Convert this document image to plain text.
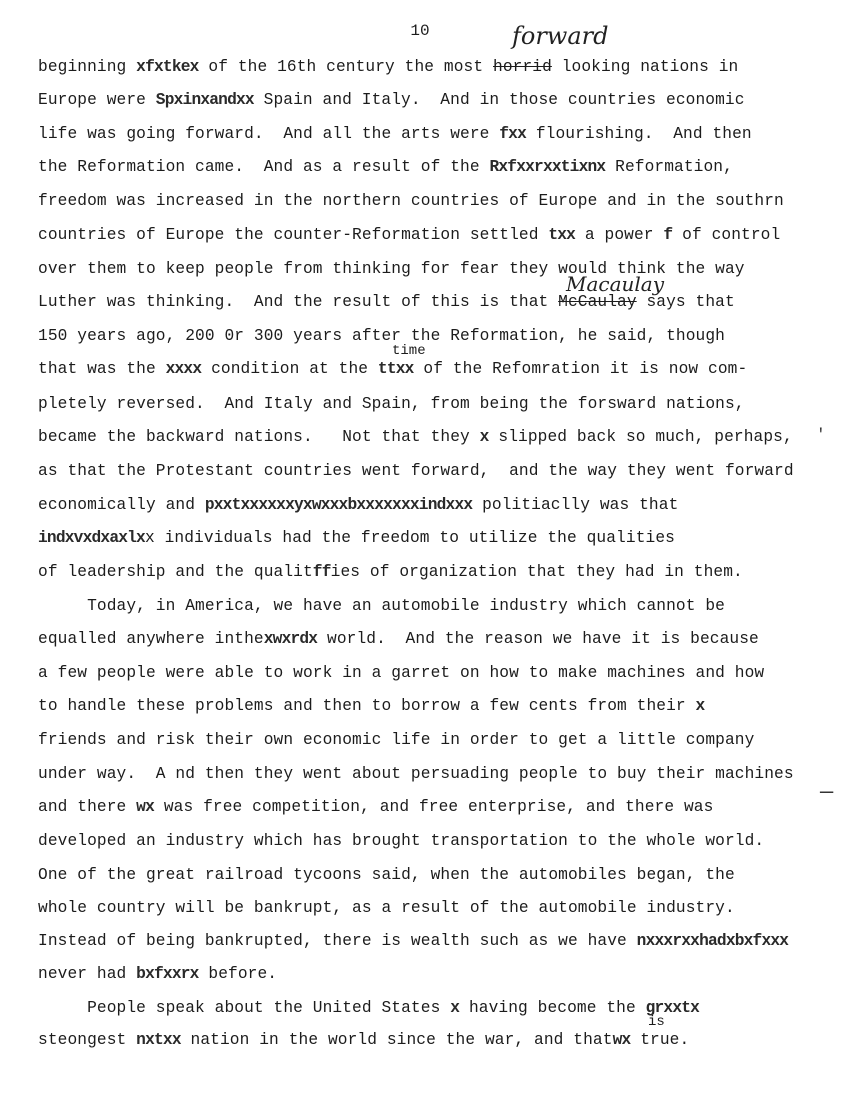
10	forward
Macaulay
time
is
'
—
beginning xfxtkex of the 16th century the most horrid looking nations in
Europe were Spxinxandxx Spain and Italy.  And in those countries economic
life was going forward.  And all the arts were fxx flourishing.  And then
the Reformation came.  And as a result of the Rxfxxrxxtixnx Reformation,
freedom was increased in the northern countries of Europe and in the southrn
countries of Europe the counter-Reformation settled txx a power f of control
over them to keep people from thinking for fear they would think the way
Luther was thinking.  And the result of this is that McCaulay says that
150 years ago, 200 0r 300 years after the Reformation, he said, though
that was the xxxx condition at the ttxx of the Refomration it is now com-
pletely reversed.  And Italy and Spain, from being the forsward nations,
became the backward nations.   Not that they x slipped back so much, perhaps,
as that the Protestant countries went forward,  and the way they went forward
economically and pxxtxxxxxxyxwxxxbxxxxxxxindxxx politiaclly was that
indxvxdxaxlxx individuals had the freedom to utilize the qualities
of leadership and the qualitffies of organization that they had in them.
Today, in America, we have an automobile industry which cannot be
equalled anywhere inthexwxrdx world.  And the reason we have it is because
a few people were able to work in a garret on how to make machines and how
to handle these problems and then to borrow a few cents from their x
friends and risk their own economic life in order to get a little company
under way.  A nd then they went about persuading people to buy their machines
and there wx was free competition, and free enterprise, and there was
developed an industry which has brought transportation to the whole world.
One of the great railroad tycoons said, when the automobiles began, the
whole country will be bankrupt, as a result of the automobile industry.
Instead of being bankrupted, there is wealth such as we have nxxxrxxhadxbxfxxx
never had bxfxxrx before.
People speak about the United States x having become the grxxtx
steongest nxtxx nation in the world since the war, and thatwx true.
